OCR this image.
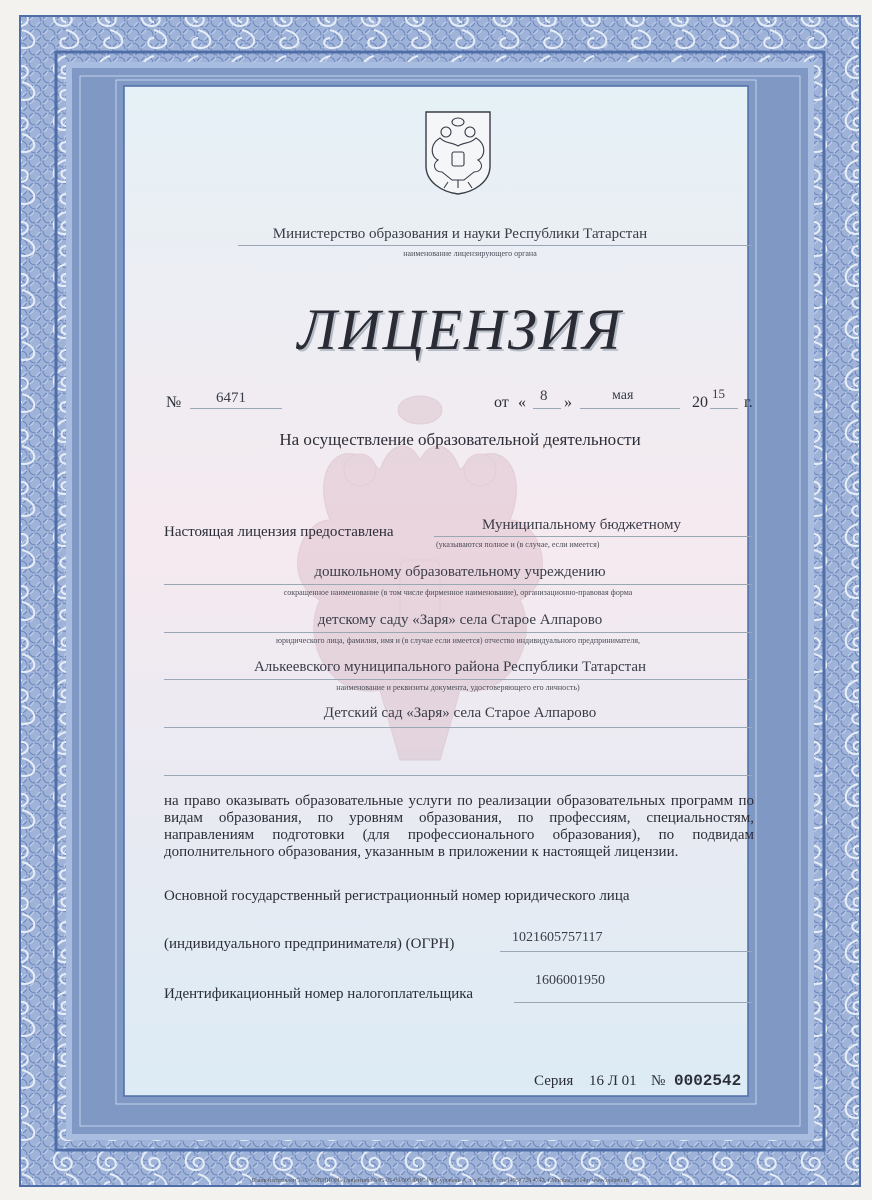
Министерство образования и науки Республики Татарстан
наименование лицензирующего органа
ЛИЦЕНЗИЯ
№ 6471	от « 8 »	мая	20
15
г.
На осуществление образовательной деятельности
Настоящая лицензия предоставлена	Муниципальному бюджетному
(указываются полное и (в случае, если имеется)
дошкольному образовательному учреждению
сокращенное наименование (в том числе фирменное наименование), организационно-правовая форма
детскому саду «Заря» села Старое Алпарово
юридического лица, фамилия, имя и (в случае если имеется) отчество индивидуального предпринимателя,
Алькеевского муниципального района Республики Татарстан
наименование и реквизиты документа, удостоверяющего его личность)
Детский сад «Заря» села Старое Алпарово
на право оказывать образовательные услуги по реализации образовательных программ по видам образования, по уровням образования, по профессиям, специальностям, направлениям подготовки (для профессионального образования), по подвидам дополнительного образования, указанным в приложении к настоящей лицензии.
Основной государственный регистрационный номер юридического лица
(индивидуального предпринимателя) (ОГРН)	1021605757117
Идентификационный номер налогоплательщика
1606001950
Серия 16 Л 01 № 0002542
Бланк изготовлен ЗАО «ОПЦИОН» (лицензия № 05-05-09/003 ФНС РФ), уровень А, т/з № 520, тел. (495) 726 4742, г.Москва, 2014 г. www.opcion.ru
